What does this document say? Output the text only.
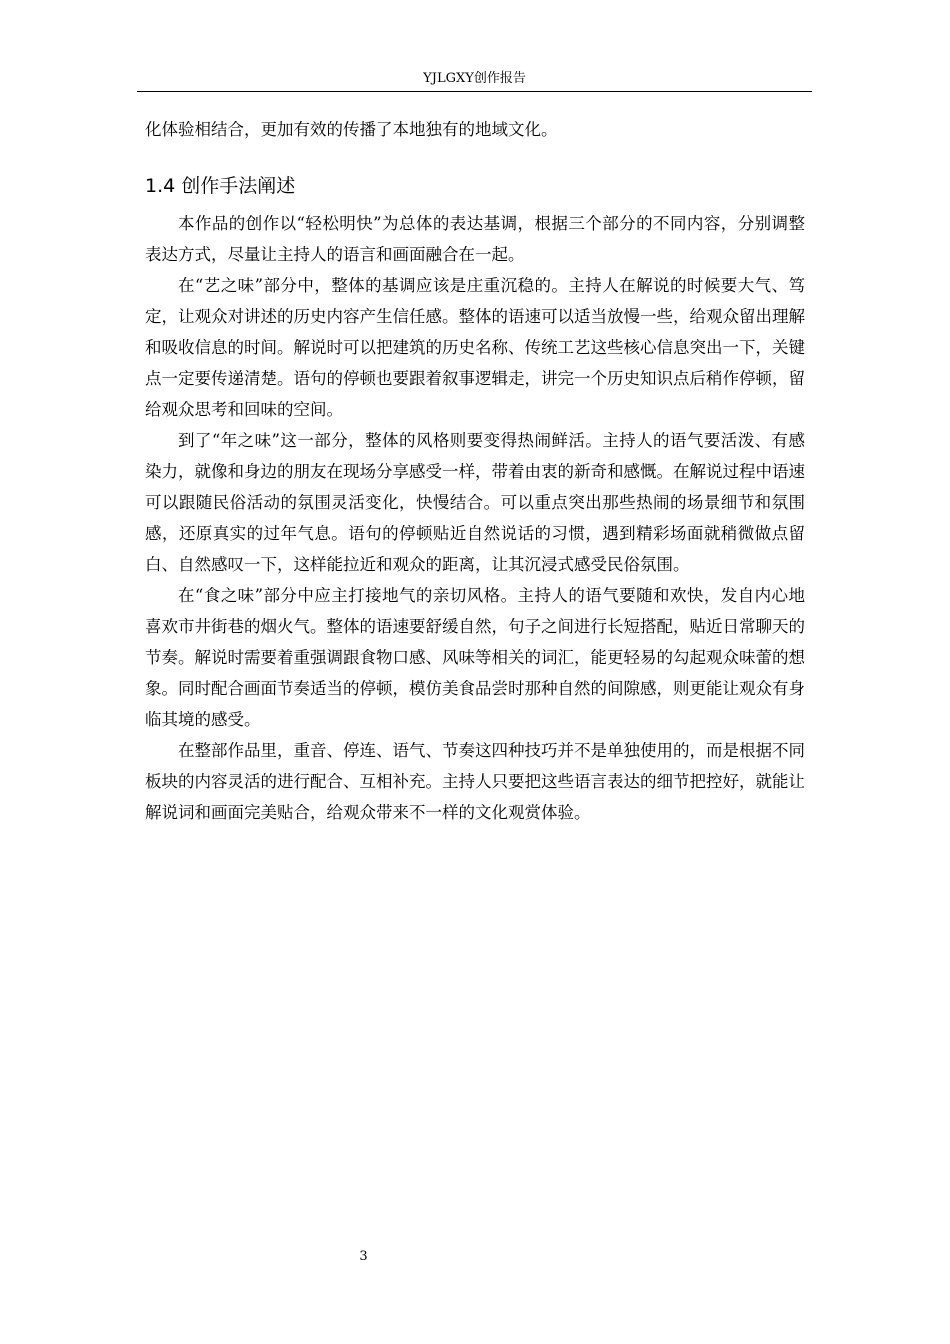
YJLGXY创作报告

化体验相结合，更加有效的传播了本地独有的地域文化。

1.4 创作手法阐述

本作品的创作以“轻松明快”为总体的表达基调，根据三个部分的不同内容，分别调整表达方式，尽量让主持人的语言和画面融合在一起。

在“艺之味”部分中，整体的基调应该是庄重沉稳的。主持人在解说的时候要大气、笃定，让观众对讲述的历史内容产生信任感。整体的语速可以适当放慢一些，给观众留出理解和吸收信息的时间。解说时可以把建筑的历史名称、传统工艺这些核心信息突出一下，关键点一定要传递清楚。语句的停顿也要跟着叙事逻辑走，讲完一个历史知识点后稍作停顿，留给观众思考和回味的空间。

到了“年之味”这一部分，整体的风格则要变得热闹鲜活。主持人的语气要活泼、有感染力，就像和身边的朋友在现场分享感受一样，带着由衷的新奇和感慨。在解说过程中语速可以跟随民俗活动的氛围灵活变化，快慢结合。可以重点突出那些热闹的场景细节和氛围感，还原真实的过年气息。语句的停顿贴近自然说话的习惯，遇到精彩场面就稍微做点留白、自然感叹一下，这样能拉近和观众的距离，让其沉浸式感受民俗氛围。

在“食之味”部分中应主打接地气的亲切风格。主持人的语气要随和欢快，发自内心地喜欢市井街巷的烟火气。整体的语速要舒缓自然，句子之间进行长短搭配，贴近日常聊天的节奏。解说时需要着重强调跟食物口感、风味等相关的词汇，能更轻易的勾起观众味蕾的想象。同时配合画面节奏适当的停顿，模仿美食品尝时那种自然的间隙感，则更能让观众有身临其境的感受。

在整部作品里，重音、停连、语气、节奏这四种技巧并不是单独使用的，而是根据不同板块的内容灵活的进行配合、互相补充。主持人只要把这些语言表达的细节把控好，就能让解说词和画面完美贴合，给观众带来不一样的文化观赏体验。

3
